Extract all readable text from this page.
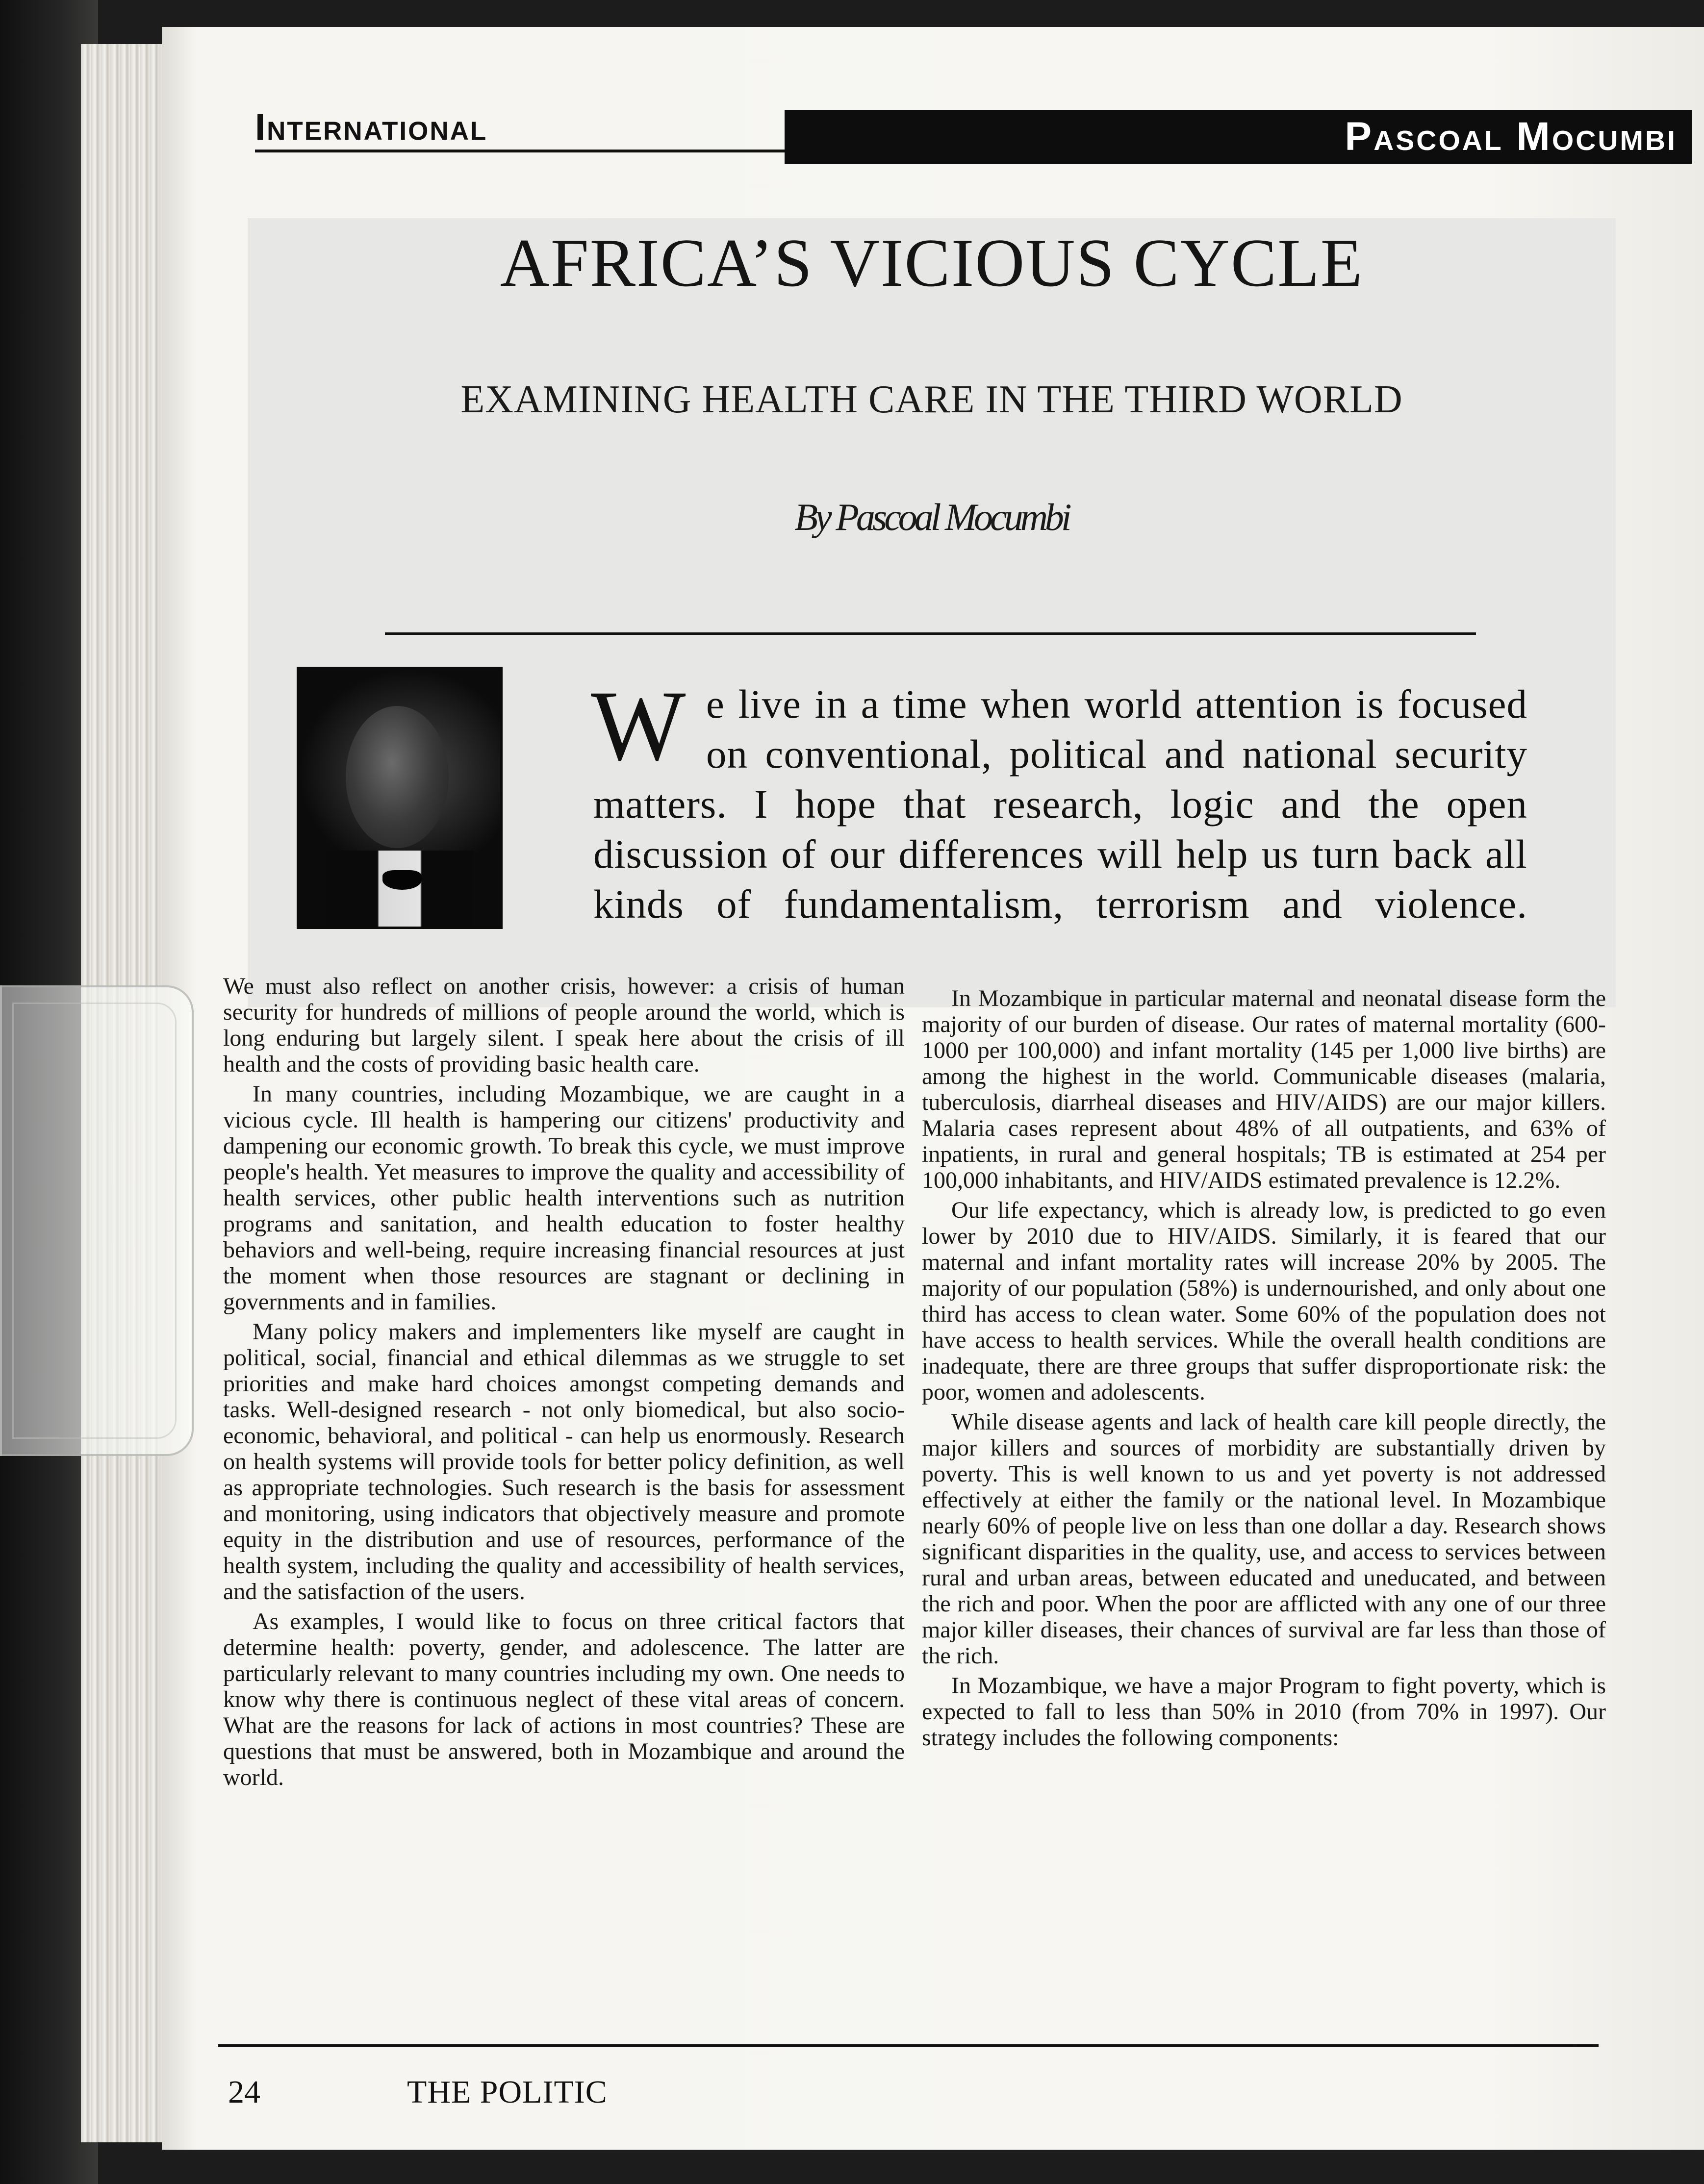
International	Pascoal Mocumbi
AFRICA’S VICIOUS CYCLE
EXAMINING HEALTH CARE IN THE THIRD WORLD
By Pascoal Mocumbi
W e live in a time when world attention is focused
on conventional, political and national security
matters. I hope that research, logic and the open
discussion of our differences will help us turn back all
kinds of fundamentalism, terrorism and violence.

We must also reflect on another crisis, however: a crisis of human security for hundreds of millions of people around the world, which is long enduring but largely silent. I speak here about the crisis of ill health and the costs of providing basic health care.

In many countries, including Mozambique, we are caught in a vicious cycle. Ill health is hampering our citizens' productivity and dampening our economic growth. To break this cycle, we must improve people's health. Yet measures to improve the quality and accessibility of health services, other public health interventions such as nutrition programs and sanitation, and health education to foster healthy behaviors and well-being, require increasing financial resources at just the moment when those resources are stagnant or declining in governments and in families.

Many policy makers and implementers like myself are caught in political, social, financial and ethical dilemmas as we struggle to set priorities and make hard choices amongst competing demands and tasks. Well-designed research - not only biomedical, but also socio-economic, behavioral, and political - can help us enormously. Research on health systems will provide tools for better policy definition, as well as appropriate technologies. Such research is the basis for assessment and monitoring, using indicators that objectively measure and promote equity in the distribution and use of resources, performance of the health system, including the quality and accessibility of health services, and the satisfaction of the users.

As examples, I would like to focus on three critical factors that determine health: poverty, gender, and adolescence. The latter are particularly relevant to many countries including my own. One needs to know why there is continuous neglect of these vital areas of concern. What are the reasons for lack of actions in most countries? These are questions that must be answered, both in Mozambique and around the world.

In Mozambique in particular maternal and neonatal disease form the majority of our burden of disease. Our rates of maternal mortality (600-1000 per 100,000) and infant mortality (145 per 1,000 live births) are among the highest in the world. Communicable diseases (malaria, tuberculosis, diarrheal diseases and HIV/AIDS) are our major killers. Malaria cases represent about 48% of all outpatients, and 63% of inpatients, in rural and general hospitals; TB is estimated at 254 per 100,000 inhabitants, and HIV/AIDS estimated prevalence is 12.2%.

Our life expectancy, which is already low, is predicted to go even lower by 2010 due to HIV/AIDS. Similarly, it is feared that our maternal and infant mortality rates will increase 20% by 2005. The majority of our population (58%) is undernourished, and only about one third has access to clean water. Some 60% of the population does not have access to health services. While the overall health conditions are inadequate, there are three groups that suffer disproportionate risk: the poor, women and adolescents.

While disease agents and lack of health care kill people directly, the major killers and sources of morbidity are substantially driven by poverty. This is well known to us and yet poverty is not addressed effectively at either the family or the national level. In Mozambique nearly 60% of people live on less than one dollar a day. Research shows significant disparities in the quality, use, and access to services between rural and urban areas, between educated and uneducated, and between the rich and poor. When the poor are afflicted with any one of our three major killer diseases, their chances of survival are far less than those of the rich.

In Mozambique, we have a major Program to fight poverty, which is expected to fall to less than 50% in 2010 (from 70% in 1997). Our strategy includes the following components:

24	THE POLITIC
